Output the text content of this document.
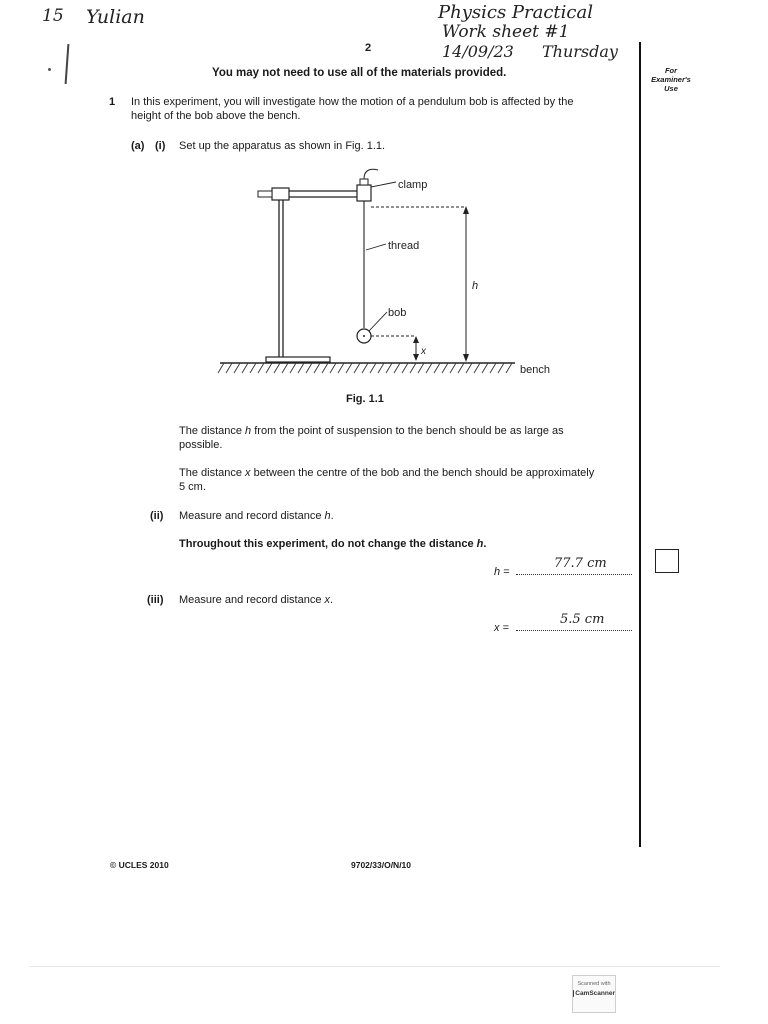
15 Yulian	Physics Practical
Work sheet #1
14/09/23 Thursday
2
You may not need to use all of the materials provided.	For
Examiner's
Use
1 In this experiment, you will investigate how the motion of a pendulum bob is affected by the
height of the bob above the bench.
(a) (i) Set up the apparatus as shown in Fig. 1.1.
clamp
thread
h
bob
x
bench
Fig. 1.1
The distance h from the point of suspension to the bench should be as large as
possible.
The distance x between the centre of the bob and the bench should be approximately
5 cm.
(ii) Measure and record distance h.
Throughout this experiment, do not change the distance h.
h =
77.7 cm
(iii) Measure and record distance x.
x =
5.5 cm
© UCLES 2010	9702/33/O/N/10
Scanned with
CamScanner
